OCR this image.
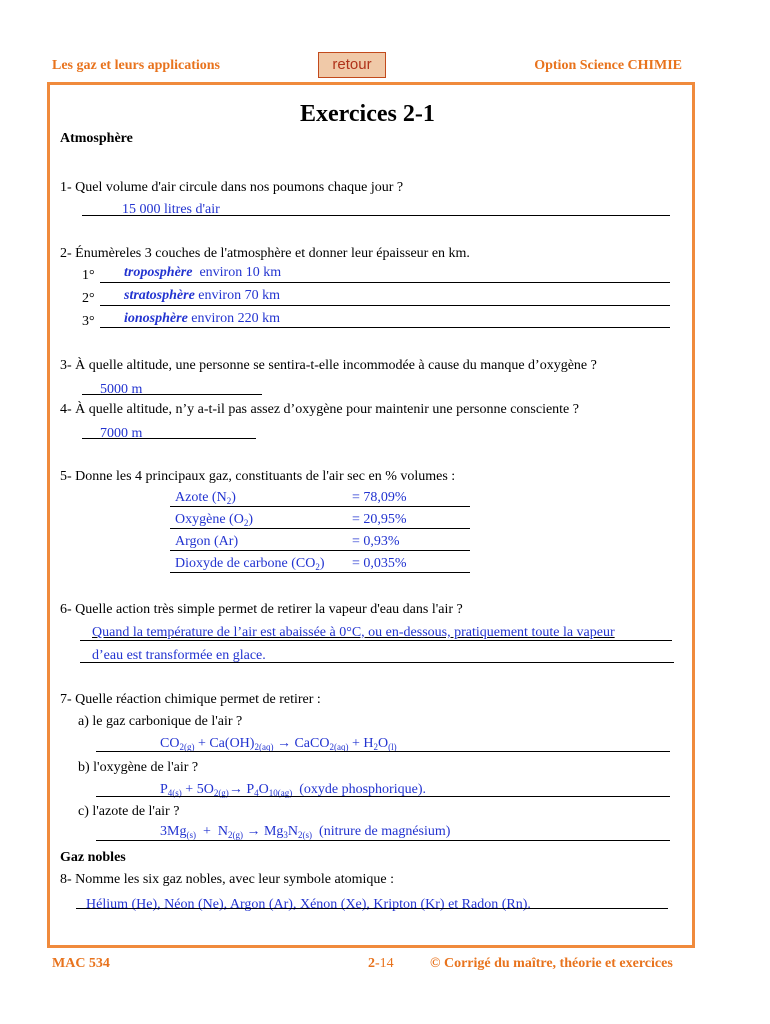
Les gaz et leurs applications	retour	Option Science CHIMIE
Exercices 2-1
Atmosphère
1- Quel volume d'air circule dans nos poumons chaque jour ?
15 000 litres d'air
2- Énumèreles 3 couches de l'atmosphère et donner leur épaisseur en km.
1° troposphère environ 10 km
2° stratosphère environ 70 km
3° ionosphère environ 220 km
3- À quelle altitude, une personne se sentira-t-elle incommodée à cause du manque d’oxygène ?
5000 m
4- À quelle altitude, n’y a-t-il pas assez d’oxygène pour maintenir une personne consciente ?
7000 m
5- Donne les 4 principaux gaz, constituants de l'air sec en % volumes :
Azote $(N_2)$	= 78,09%
Oxygène $(O_2)$	= 20,95%
Argon (Ar)	= 0,93%
Dioxyde de carbone $(CO_2) = 0,035\%$
6- Quelle action très simple permet de retirer la vapeur d'eau dans l'air ?
Quand la température de l’air est abaissée à 0°C, ou en-dessous, pratiquement toute la vapeur
d’eau est transformée en glace.
7- Quelle réaction chimique permet de retirer :
a) le gaz carbonique de l'air ?
$CO_{2(g)} + Ca(OH)_{2(aq)}$ → CaCO$_{2(aq)}$ + $H_2O_{(l)}$
b) l'oxygène de l'air ?
$P_{4(s)} + 5O_{2(g)}\to P_4O_{10(ag)}$ (oxyde phosphorique).
c) l'azote de l'air ?
$3Mg_{(s)} + N_{2(g)} \to Mg_3N_{2(s)}$ (nitrure de magnésium)
Gaz nobles
8- Nomme les six gaz nobles, avec leur symbole atomique :
Hélium (He), Néon (Ne), Argon (Ar), Xénon (Xe), Kripton (Kr) et Radon (Rn).
MAC 534	2-14	© Corrigé du maître, théorie et exercices
